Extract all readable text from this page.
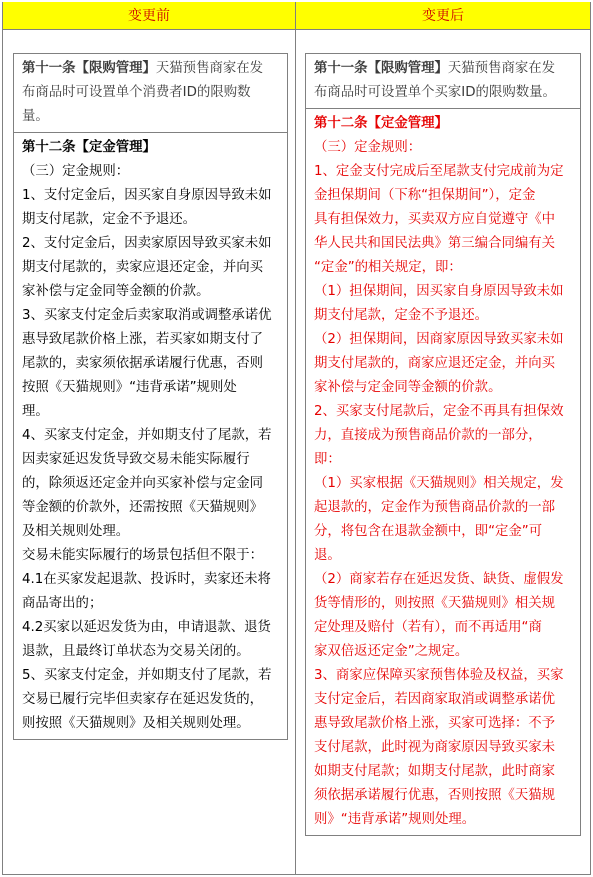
变更前	变更后
第十一条【限购管理】天猫预售商家在发
布商品时可设置单个消费者ID的限购数
量。
第十二条【定金管理】
（三）定金规则：
1、支付定金后，因买家自身原因导致未如
期支付尾款，定金不予退还。
2、支付定金后，因卖家原因导致买家未如
期支付尾款的，卖家应退还定金，并向买
家补偿与定金同等金额的价款。
3、买家支付定金后卖家取消或调整承诺优
惠导致尾款价格上涨，若买家如期支付了
尾款的，卖家须依据承诺履行优惠，否则
按照《天猫规则》“违背承诺”规则处
理。
4、买家支付定金，并如期支付了尾款，若
因卖家延迟发货导致交易未能实际履行
的，除须返还定金并向买家补偿与定金同
等金额的价款外，还需按照《天猫规则》
及相关规则处理。
交易未能实际履行的场景包括但不限于：
4.1在买家发起退款、投诉时，卖家还未将
商品寄出的；
4.2买家以延迟发货为由，申请退款、退货
退款，且最终订单状态为交易关闭的。
5、买家支付定金，并如期支付了尾款，若
交易已履行完毕但卖家存在延迟发货的，
则按照《天猫规则》及相关规则处理。
第十一条【限购管理】天猫预售商家在发
布商品时可设置单个买家ID的限购数量。
第十二条【定金管理】
（三）定金规则：
1、定金支付完成后至尾款支付完成前为定
金担保期间（下称“担保期间”），定金
具有担保效力，买卖双方应自觉遵守《中
华人民共和国民法典》第三编合同编有关
“定金”的相关规定，即：
（1）担保期间，因买家自身原因导致未如
期支付尾款，定金不予退还。
（2）担保期间，因商家原因导致买家未如
期支付尾款的，商家应退还定金，并向买
家补偿与定金同等金额的价款。
2、买家支付尾款后，定金不再具有担保效
力，直接成为预售商品价款的一部分，
即：
（1）买家根据《天猫规则》相关规定，发
起退款的，定金作为预售商品价款的一部
分，将包含在退款金额中，即“定金”可
退。
（2）商家若存在延迟发货、缺货、虚假发
货等情形的，则按照《天猫规则》相关规
定处理及赔付（若有），而不再适用“商
家双倍返还定金”之规定。
3、商家应保障买家预售体验及权益，买家
支付定金后，若因商家取消或调整承诺优
惠导致尾款价格上涨，买家可选择：不予
支付尾款，此时视为商家原因导致买家未
如期支付尾款；如期支付尾款，此时商家
须依据承诺履行优惠，否则按照《天猫规
则》“违背承诺”规则处理。
